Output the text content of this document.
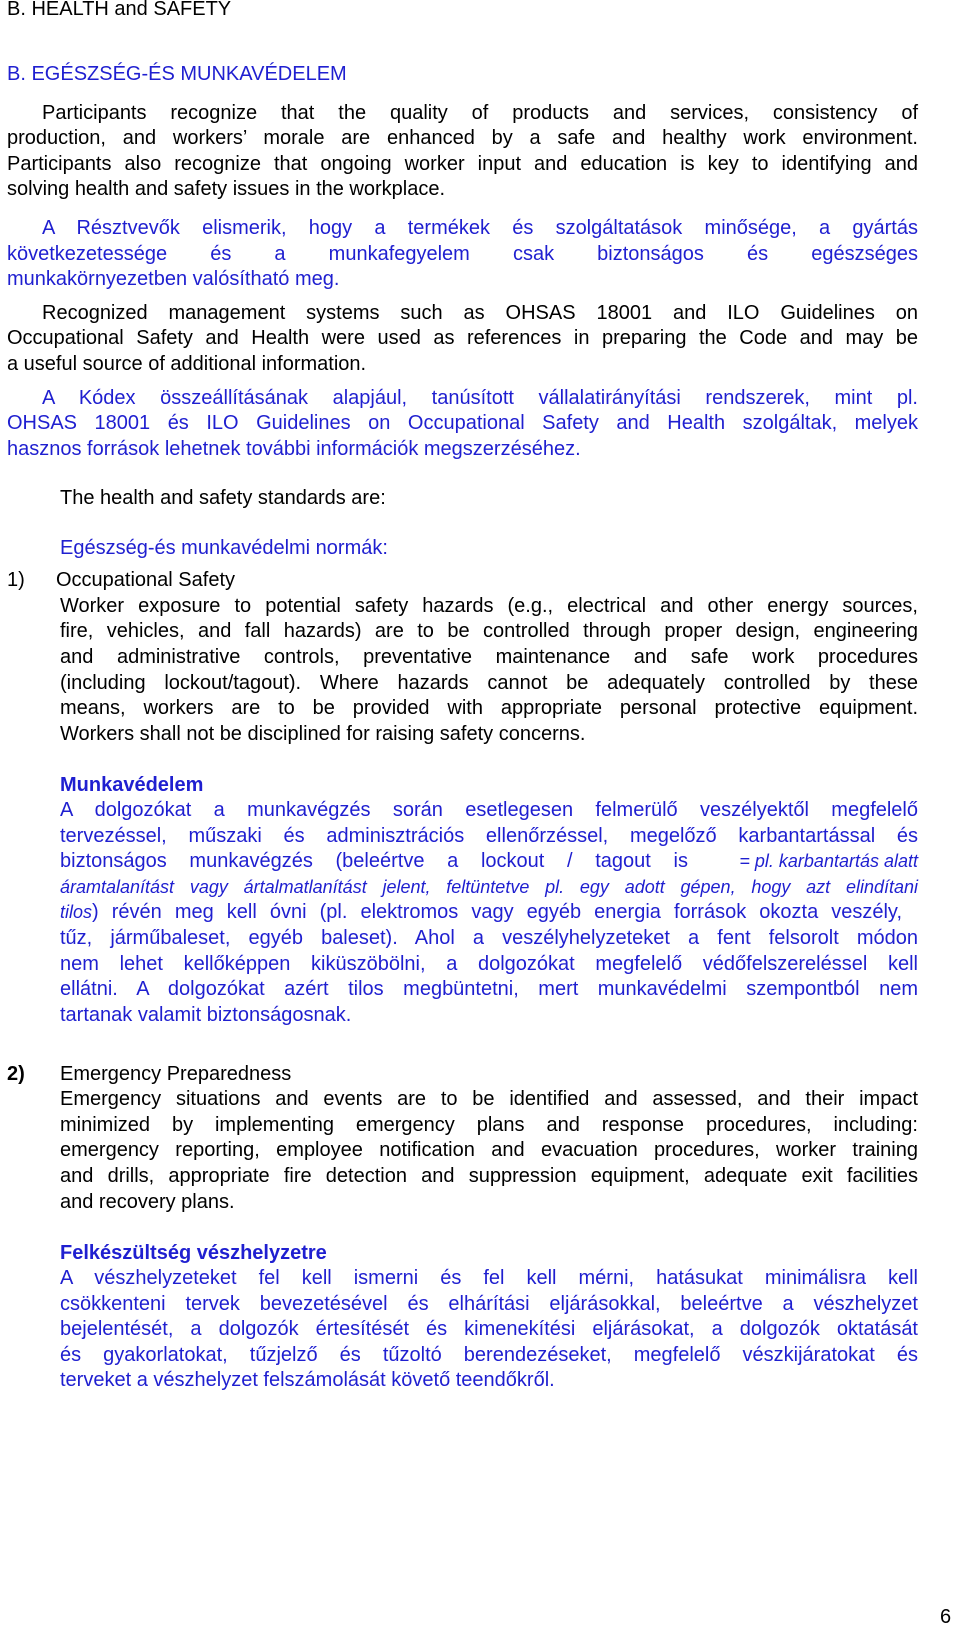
B. HEALTH and SAFETY
B. EGÉSZSÉG-ÉS MUNKAVÉDELEM
Participants recognize that the quality of products and services, consistency of
production, and workers’ morale are enhanced by a safe and healthy work environment.
Participants also recognize that ongoing worker input and education is key to identifying and
solving health and safety issues in the workplace.
A Résztvevők elismerik, hogy a termékek és szolgáltatások minősége, a gyártás
következetessége és a munkafegyelem csak biztonságos és egészséges
munkakörnyezetben valósítható meg.
Recognized management systems such as OHSAS 18001 and ILO Guidelines on
Occupational Safety and Health were used as references in preparing the Code and may be
a useful source of additional information.
A Kódex összeállításának alapjául, tanúsított vállalatirányítási rendszerek, mint pl.
OHSAS 18001 és ILO Guidelines on Occupational Safety and Health szolgáltak, melyek
hasznos források lehetnek további információk megszerzéséhez.
The health and safety standards are:
Egészség-és munkavédelmi normák:
1) Occupational Safety
Worker exposure to potential safety hazards (e.g., electrical and other energy sources,
fire, vehicles, and fall hazards) are to be controlled through proper design, engineering
and administrative controls, preventative maintenance and safe work procedures
(including lockout/tagout). Where hazards cannot be adequately controlled by these
means, workers are to be provided with appropriate personal protective equipment.
Workers shall not be disciplined for raising safety concerns.
Munkavédelem
A dolgozókat a munkavégzés során esetlegesen felmerülő veszélyektől megfelelő
tervezéssel, műszaki és adminisztrációs ellenőrzéssel, megelőző karbantartással és
biztonságos munkavégzés (beleértve a lockout / tagout is	= pl. karbantartás alatt
áramtalanítást vagy ártalmatlanítást jelent, feltüntetve pl. egy adott gépen, hogy azt elindítani
tilos) révén meg kell óvni (pl. elektromos vagy egyéb energia források okozta veszély,
tűz, járműbaleset, egyéb baleset). Ahol a veszélyhelyzeteket a fent felsorolt módon
nem lehet kellőképpen kiküszöbölni, a dolgozókat megfelelő védőfelszereléssel kell
ellátni. A dolgozókat azért tilos megbüntetni, mert munkavédelmi szempontból nem
tartanak valamit biztonságosnak.
2) Emergency Preparedness
Emergency situations and events are to be identified and assessed, and their impact
minimized by implementing emergency plans and response procedures, including:
emergency reporting, employee notification and evacuation procedures, worker training
and drills, appropriate fire detection and suppression equipment, adequate exit facilities
and recovery plans.
Felkészültség vészhelyzetre
A vészhelyzeteket fel kell ismerni és fel kell mérni, hatásukat minimálisra kell
csökkenteni tervek bevezetésével és elhárítási eljárásokkal, beleértve a vészhelyzet
bejelentését, a dolgozók értesítését és kimenekítési eljárásokat, a dolgozók oktatását
és gyakorlatokat, tűzjelző és tűzoltó berendezéseket, megfelelő vészkijáratokat és
terveket a vészhelyzet felszámolását követő teendőkről.
6
